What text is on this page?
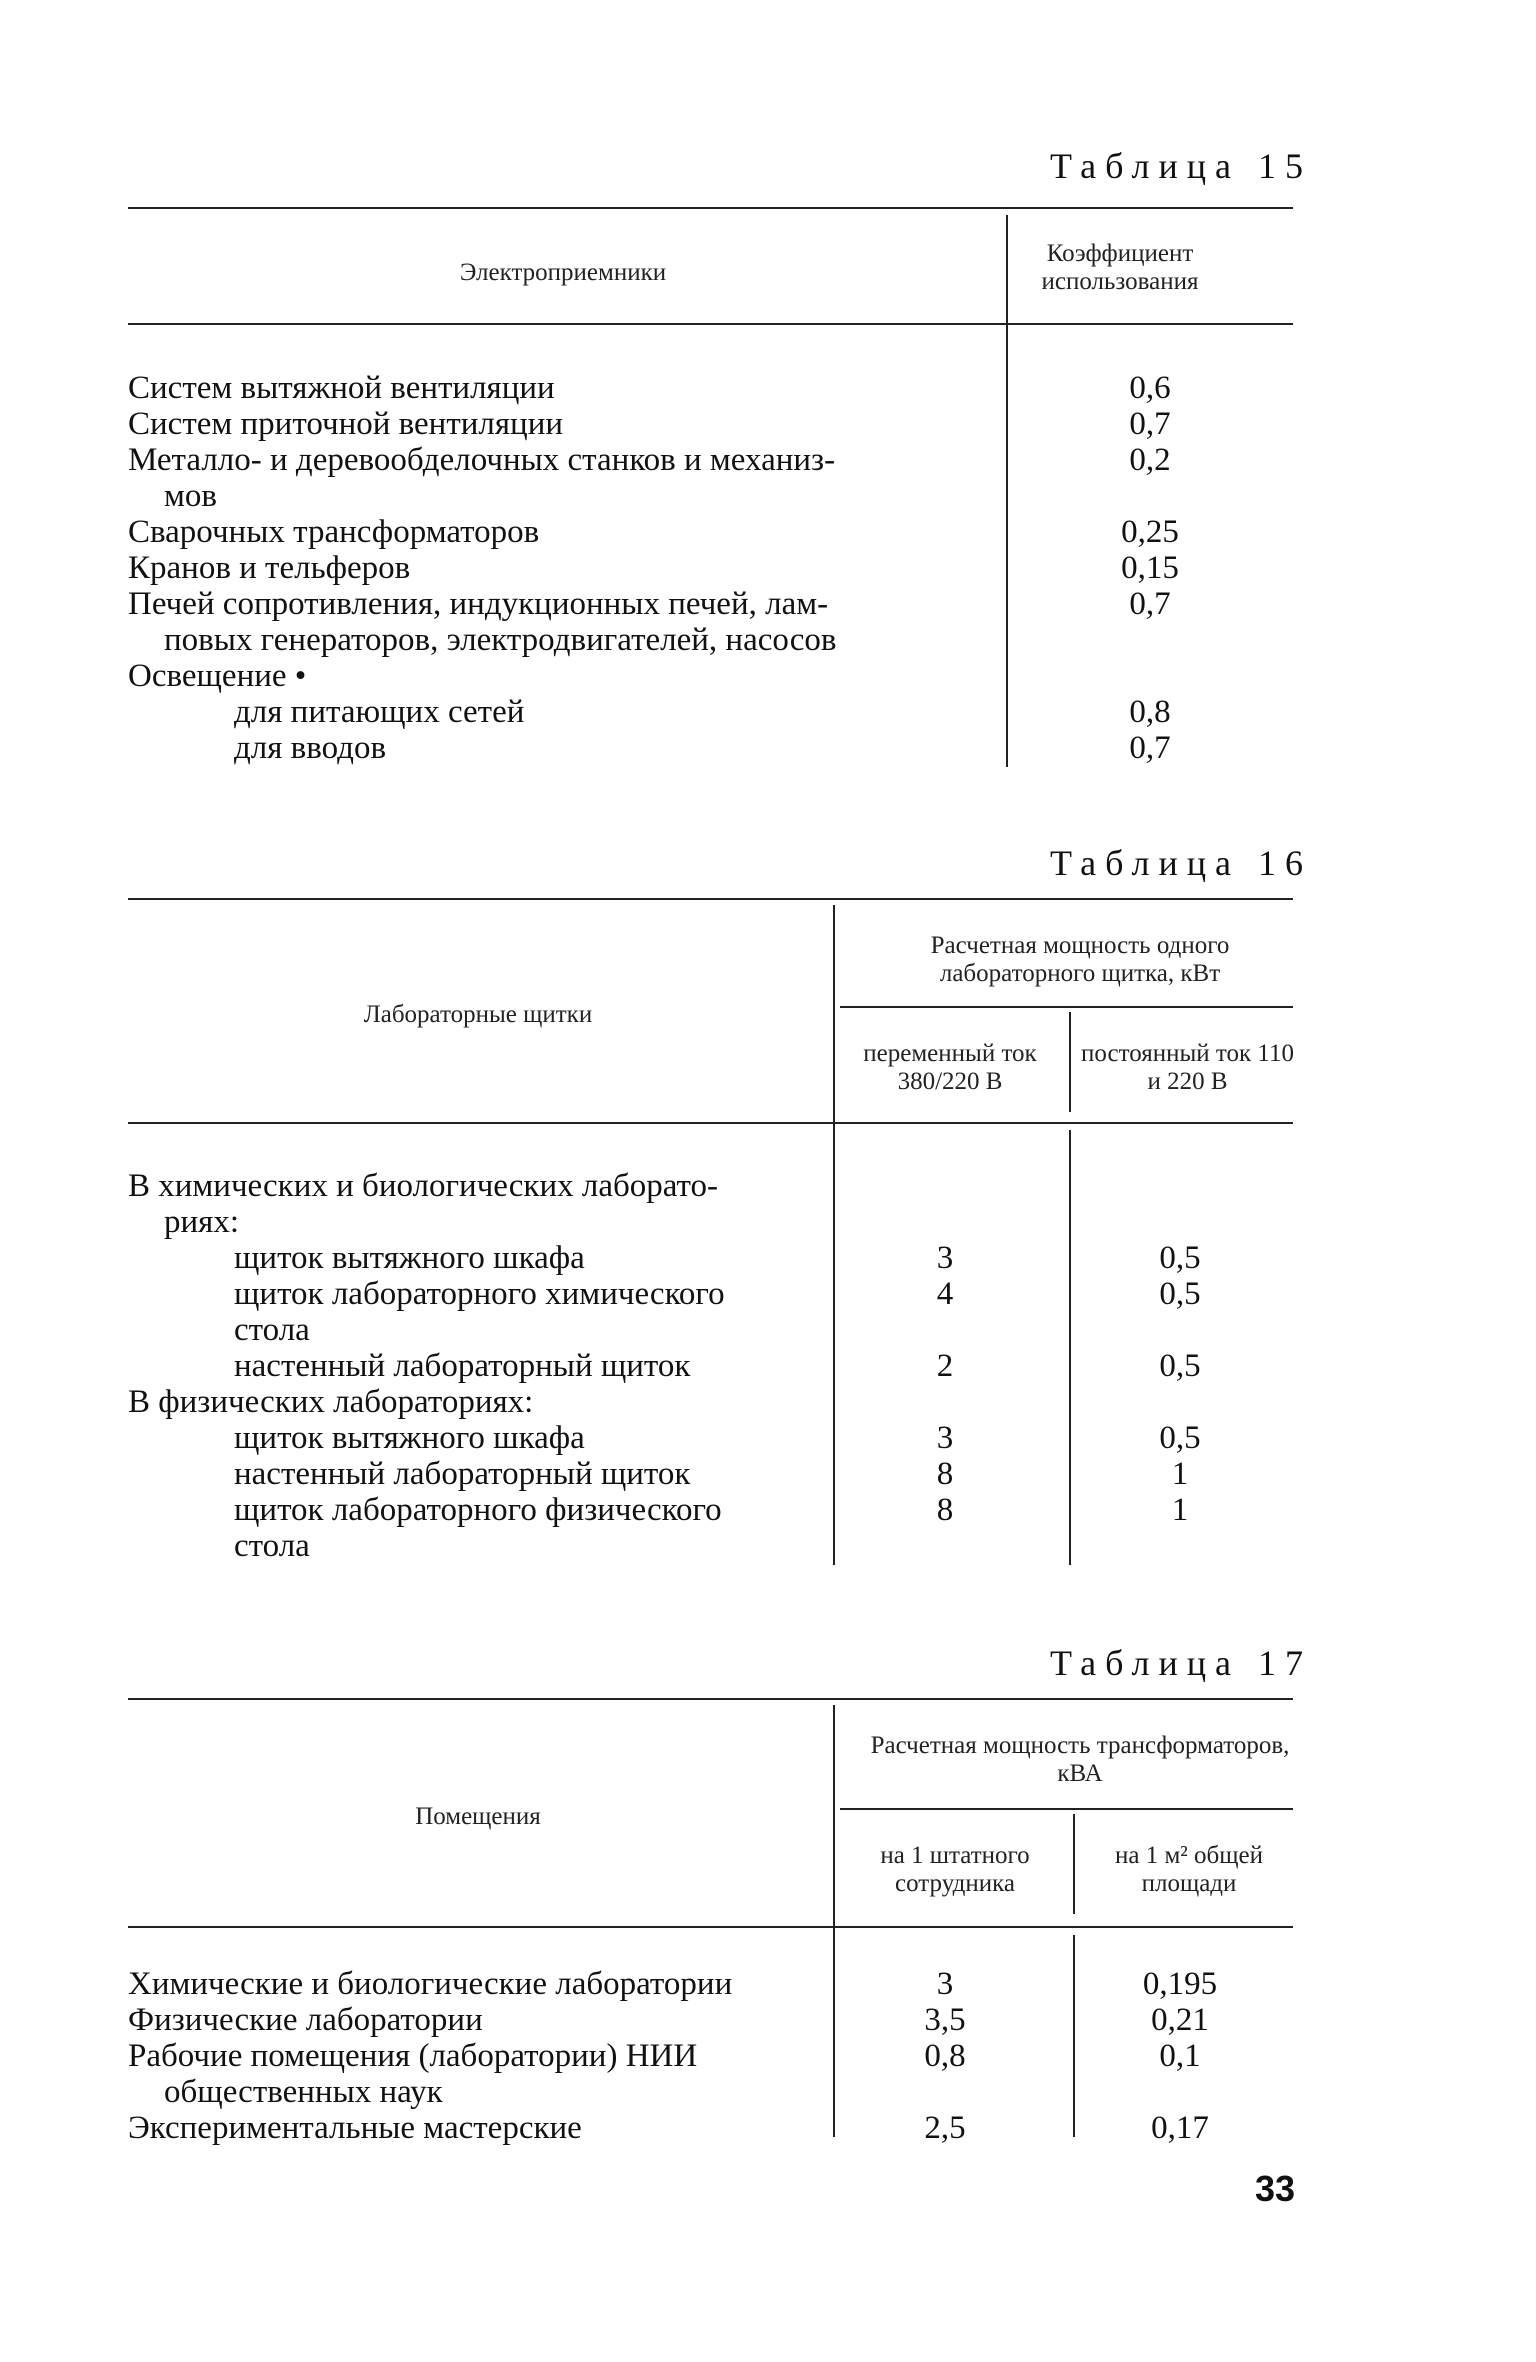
Таблица 15
Электроприемники
Коэффициент использования
Систем вытяжной вентиляции
Систем приточной вентиляции
Металло- и деревообделочных станков и механиз-
мов
Сварочных трансформаторов
Кранов и тельферов
Печей сопротивления, индукционных печей, лам-
повых генераторов, электродвигателей, насосов
Освещение •
для питающих сетей
для вводов
0,6
0,7
0,2
0,25
0,15
0,7
0,8
0,7
Таблица 16
Лабораторные щитки
Расчетная мощность одного лабораторного щитка, кВт
переменный ток 380/220 В
постоянный ток 110 и 220 В
В химических и биологических лаборато-
риях:
щиток вытяжного шкафа
щиток лабораторного химического
стола
настенный лабораторный щиток
В физических лабораториях:
щиток вытяжного шкафа
настенный лабораторный щиток
щиток лабораторного физического
стола
3
4
2
3
8
8
0,5
0,5
0,5
0,5
1
1
Таблица 17
Помещения
Расчетная мощность трансформаторов, кВА
на 1 штатного сотрудника
на 1 м² общей площади
Химические и биологические лаборатории
Физические лаборатории
Рабочие помещения (лаборатории) НИИ
общественных наук
Экспериментальные мастерские
3
3,5
0,8
2,5
0,195
0,21
0,1
0,17
33
